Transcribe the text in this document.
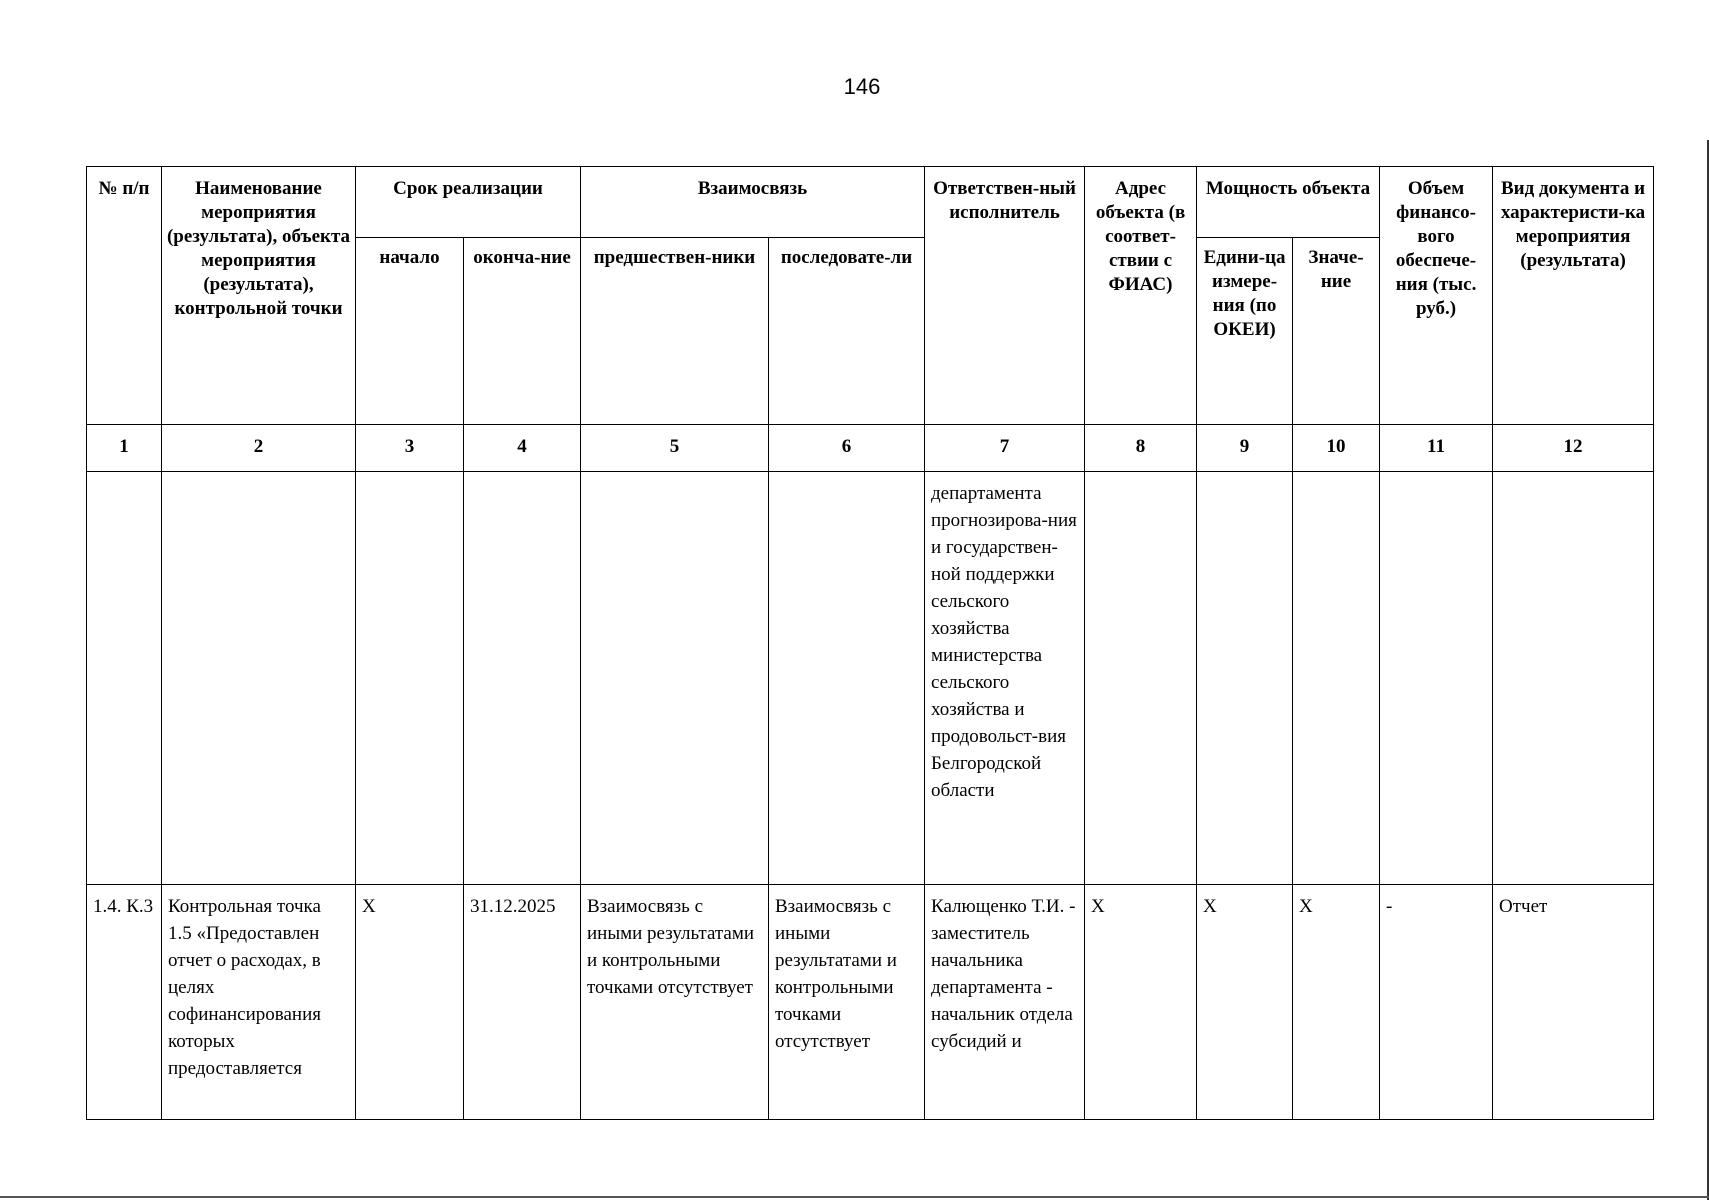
146
№ п/п	Наименование мероприятия (результата), объекта мероприятия (результата), контрольной точки	Срок реализации		Взаимосвязь		Ответствен-ный исполнитель	Адрес объекта (в соответ-ствии с ФИАС)	Мощность объекта		Объем финансо-вого обеспече-ния (тыс. руб.)	Вид документа и характеристи-ка мероприятия (результата)
		начало	оконча-ние	предшествен-ники	последовате-ли			Едини-ца измере-ния (по ОКЕИ)	Значе-ние		
1	2	3	4	5	6	7	8	9	10	11	12
						департамента прогнозирова-ния и государствен-ной поддержки сельского хозяйства министерства сельского хозяйства и продовольст-вия Белгородской области					
1.4. К.3	Контрольная точка 1.5 «Предоставлен отчет о расходах, в целях софинансирования которых предоставляется	Х	31.12.2025	Взаимосвязь с иными результатами и контрольными точками отсутствует	Взаимосвязь с иными результатами и контрольными точками отсутствует	Калющенко Т.И. - заместитель начальника департамента - начальник отдела субсидий и	Х	Х	Х	-	Отчет
